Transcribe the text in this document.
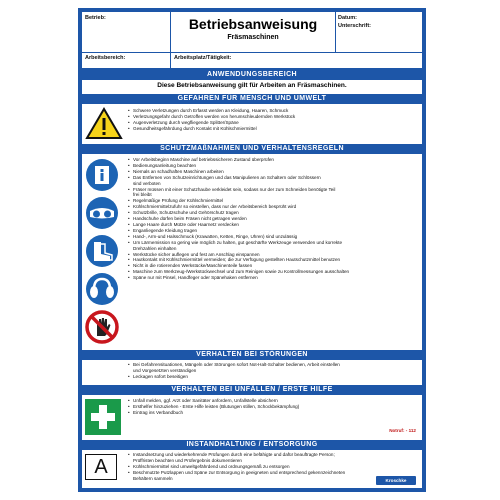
Betrieb:	Betriebsanweisung
Fräsmaschinen
Datum:
Unterschrift:
Arbeitsbereich:	Arbeitsplatz/Tätigkeit:
ANWENDUNGSBEREICH
Diese Betriebsanweisung gilt für Arbeiten an Fräsmaschinen.
GEFAHREN FÜR MENSCH UND UMWELT
• Schwere Verletzungen durch Erfasst werden an Kleidung, Haaren, Schmuck
• Verletzungsgefahr durch Getroffen werden von herumschleudernden Werkstück
• Augenverletzung durch wegfliegende Splitter/Späne
• Gesundheitsgefährdung durch Kontakt mit Kühlschmiermittel
SCHUTZMAßNAHMEN UND VERHALTENSREGELN
• Vor Arbeitsbeginn Maschine auf betriebssicheren Zustand überprüfen
• Bedienungsanleitung beachten
• Niemals an schadhaften Maschinen arbeiten
• Das Entfernen von Schutzeinrichtungen und das Manipulieren an Schaltern oder Schlössern
sind verboten
• Fräser müssen mit einer Schutzhaube verkleidet sein, sodass nur der zum Schneiden benötigte Teil
frei bleibt
• Regelmäßige Prüfung der Kühlschmiermittel
• Kühlschmiermittelzufuhr so einstellen, dass nur der Arbeitsbereich besprüht wird
• Schutzbrille, Schutzschuhe und Gehörschutz tragen
• Handschuhe dürfen beim Fräsen nicht getragen werden
• Lange Haare durch Mütze oder Haarnetz verdecken
• Enganliegende Kleidung tragen
• Hand-, Arm-und Halsschmuck (Krawatten, Ketten, Ringe, Uhren) sind unzulässig
• Um Lärmemission so gering wie möglich zu halten, gut geschärfte Werkzeuge verwenden und korrekte
Drehzahlen einhalten
• Werkstücke sicher auflegen und fest am Anschlag einspannen
• Hautkontakt mit Kühlschmiermittel vermeiden; die zur Verfügung gestellten Hautschutzmittel benutzen
• Nicht in die rotierenden Werkstücke/Maschinenteile fassen
• Maschine zum Werkzeug-/Werkstückwechsel und zum Reinigen sowie zu Kontrollmessungen ausschalten
• Späne nur mit Pinsel, Handfeger oder Spänehaken entfernen
VERHALTEN BEI STÖRUNGEN
• Bei Gefahrensituationen, Mängeln oder Störungen sofort Not-Halt-Schalter bedienen, Arbeit einstellen
und Vorgesetzten verständigen
• Leckagen sofort beseitigen
VERHALTEN BEI UNFÄLLEN / ERSTE HILFE
• Unfall melden, ggf. Arzt oder Sanitäter anfordern, Unfallstelle absichern
• Ersthelfer hinzuziehen - Erste Hilfe leisten (Blutungen stillen, Schockbekämpfung)
• Eintrag ins Verbandbuch
Notruf: - 112
INSTANDHALTUNG / ENTSORGUNG
A
• Instandsetzung und wiederkehrende Prüfungen durch eine befähigte und dafür beauftragte Person;
Prüffristen beachten und Prüfergebnis dokumentieren
• Kühlschmiermittel sind umweltgefährdend und ordnungsgemäß zu entsorgen
• Beschmutzte Putzlappen und Späne zur Entsorgung in geeigneten und entsprechend gekennzeichneten
Behältern sammeln	Kroschke
